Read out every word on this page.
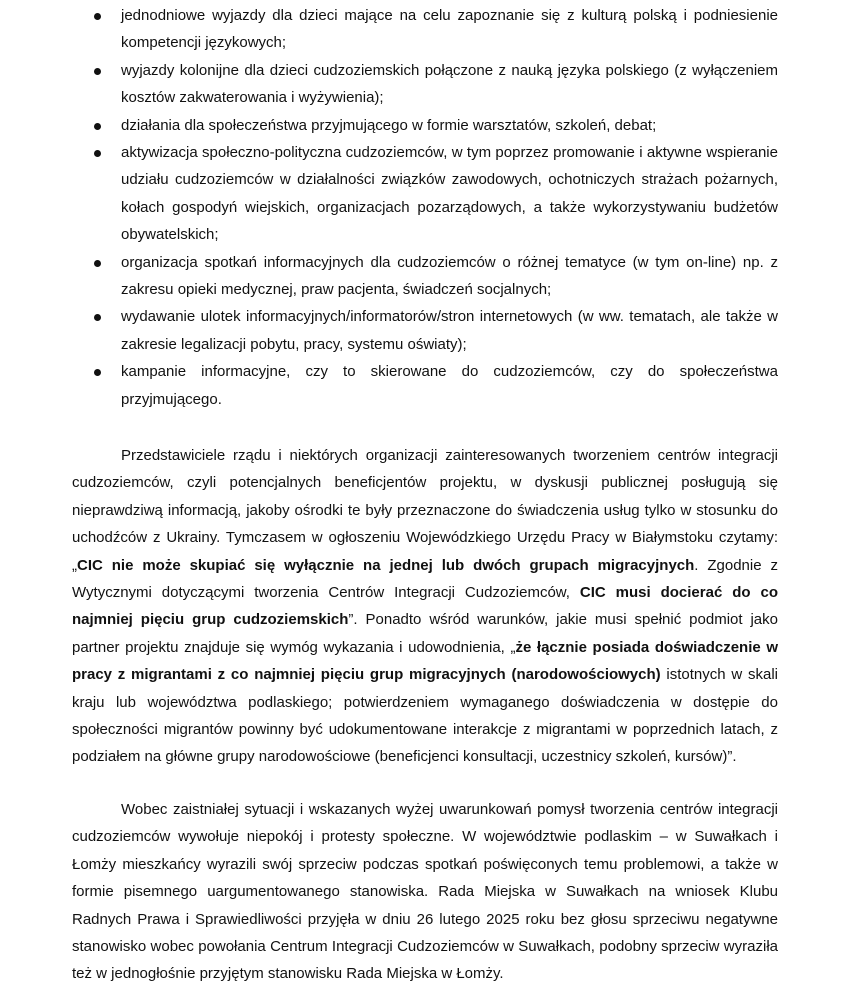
jednodniowe wyjazdy dla dzieci mające na celu zapoznanie się z kulturą polską i podniesienie kompetencji językowych;
wyjazdy kolonijne dla dzieci cudzoziemskich połączone z nauką języka polskiego (z wyłączeniem kosztów zakwaterowania i wyżywienia);
działania dla społeczeństwa przyjmującego w formie warsztatów, szkoleń, debat;
aktywizacja społeczno-polityczna cudzoziemców, w tym poprzez promowanie i aktywne wspieranie udziału cudzoziemców w działalności związków zawodowych, ochotniczych strażach pożarnych, kołach gospodyń wiejskich, organizacjach pozarządowych, a także wykorzystywaniu budżetów obywatelskich;
organizacja spotkań informacyjnych dla cudzoziemców o różnej tematyce (w tym on-line) np. z zakresu opieki medycznej, praw pacjenta, świadczeń socjalnych;
wydawanie ulotek informacyjnych/informatorów/stron internetowych (w ww. tematach, ale także w zakresie legalizacji pobytu, pracy, systemu oświaty);
kampanie informacyjne, czy to skierowane do cudzoziemców, czy do społeczeństwa przyjmującego.

Przedstawiciele rządu i niektórych organizacji zainteresowanych tworzeniem centrów integracji cudzoziemców, czyli potencjalnych beneficjentów projektu, w dyskusji publicznej posługują się nieprawdziwą informacją, jakoby ośrodki te były przeznaczone do świadczenia usług tylko w stosunku do uchodźców z Ukrainy. Tymczasem w ogłoszeniu Wojewódzkiego Urzędu Pracy w Białymstoku czytamy: „CIC nie może skupiać się wyłącznie na jednej lub dwóch grupach migracyjnych. Zgodnie z Wytycznymi dotyczącymi tworzenia Centrów Integracji Cudzoziemców, CIC musi docierać do co najmniej pięciu grup cudzoziemskich”. Ponadto wśród warunków, jakie musi spełnić podmiot jako partner projektu znajduje się wymóg wykazania i udowodnienia, „że łącznie posiada doświadczenie w pracy z migrantami z co najmniej pięciu grup migracyjnych (narodowościowych) istotnych w skali kraju lub województwa podlaskiego; potwierdzeniem wymaganego doświadczenia w dostępie do społeczności migrantów powinny być udokumentowane interakcje z migrantami w poprzednich latach, z podziałem na główne grupy narodowościowe (beneficjenci konsultacji, uczestnicy szkoleń, kursów)”.

Wobec zaistniałej sytuacji i wskazanych wyżej uwarunkowań pomysł tworzenia centrów integracji cudzoziemców wywołuje niepokój i protesty społeczne. W województwie podlaskim – w Suwałkach i Łomży mieszkańcy wyrazili swój sprzeciw podczas spotkań poświęconych temu problemowi, a także w formie pisemnego uargumentowanego stanowiska. Rada Miejska w Suwałkach na wniosek Klubu Radnych Prawa i Sprawiedliwości przyjęła w dniu 26 lutego 2025 roku bez głosu sprzeciwu negatywne stanowisko wobec powołania Centrum Integracji Cudzoziemców w Suwałkach, podobny sprzeciw wyraziła też w jednogłośnie przyjętym stanowisku Rada Miejska w Łomży.
